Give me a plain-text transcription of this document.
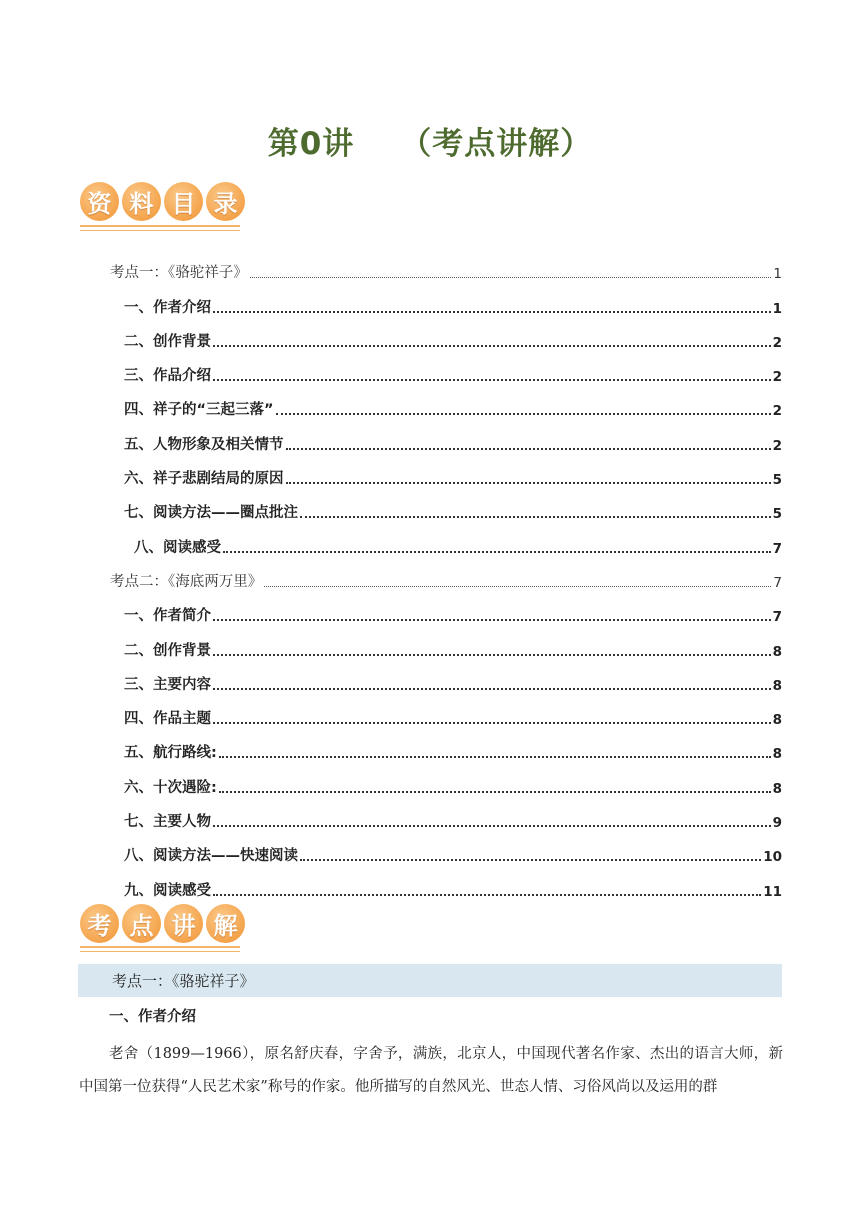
第0讲 （考点讲解）
资 料 目 录
考点一：《骆驼祥子》	1
一、作者介绍	1
二、创作背景	2
三、作品介绍	2
四、祥子的“三起三落”	2
五、人物形象及相关情节	2
六、祥子悲剧结局的原因	5
七、阅读方法——圈点批注	5
八、阅读感受	7
考点二：《海底两万里》	7
一、作者简介	7
二、创作背景	8
三、主要内容	8
四、作品主题	8
五、航行路线:	8
六、十次遇险:	8
七、主要人物	9
八、阅读方法——快速阅读	10
九、阅读感受	11
考 点 讲 解
考点一：《骆驼祥子》
一、作者介绍
老舍（1899—1966），原名舒庆春，字舍予，满族，北京人，中国现代著名作家、杰出的语言大师，新中国第一位获得“人民艺术家”称号的作家。他所描写的自然风光、世态人情、习俗风尚以及运用的群
